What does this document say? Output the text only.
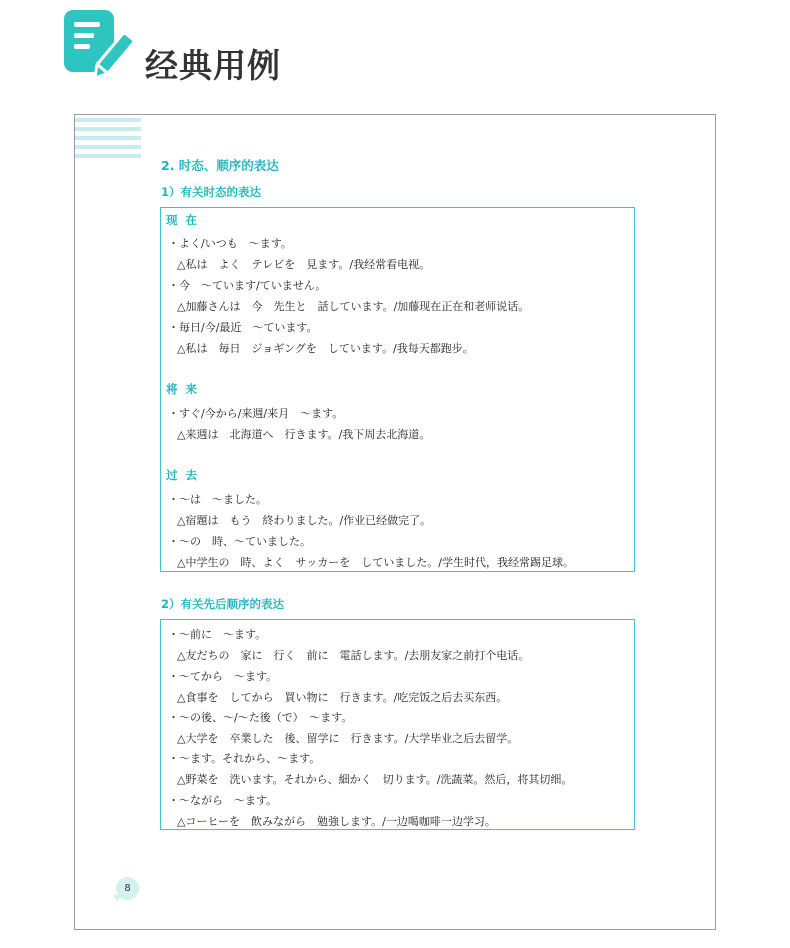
经典用例
2. 时态、顺序的表达
1）有关时态的表达
现 在
・よく/いつも　～ます。
△私は　よく　テレビを　見ます。/我经常看电视。
・今　～ています/ていません。
△加藤さんは　今　先生と　話しています。/加藤现在正在和老师说话。
・毎日/今/最近　～ています。
△私は　毎日　ジョギングを　しています。/我每天都跑步。
将 来
・すぐ/今から/来週/来月　～ます。
△来週は　北海道へ　行きます。/我下周去北海道。
过 去
・～は　～ました。
△宿題は　もう　終わりました。/作业已经做完了。
・～の　時、～ていました。
△中学生の　時、よく　サッカーを　していました。/学生时代，我经常踢足球。
2）有关先后顺序的表达
・～前に　～ます。
△友だちの　家に　行く　前に　電話します。/去朋友家之前打个电话。
・～てから　～ます。
△食事を　してから　買い物に　行きます。/吃完饭之后去买东西。
・～の後、～/～た後（で）　～ます。
△大学を　卒業した　後、留学に　行きます。/大学毕业之后去留学。
・～ます。それから、～ます。
△野菜を　洗います。それから、細かく　切ります。/洗蔬菜。然后，将其切细。
・～ながら　～ます。
△コーヒーを　飲みながら　勉強します。/一边喝咖啡一边学习。
8
